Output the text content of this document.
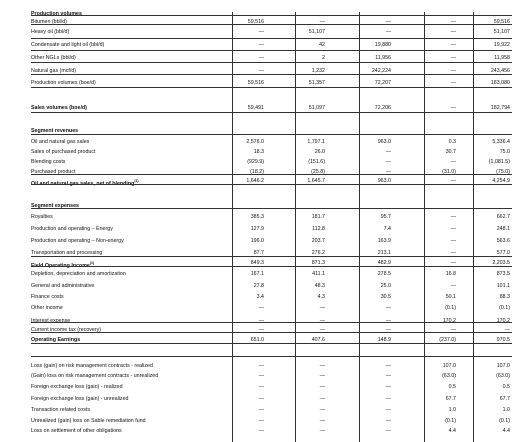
Production volumes
Bitumen (bbl/d)	59,516	—	—	—	59,516
Heavy oil (bbl/d)	—	51,107	—	—	51,107
Condensate and light oil (bbl/d)	—	42	19,880	—	19,922
Other NGLs (bbl/d)	—	2	11,956	—	11,958
Natural gas (mcf/d)	—	1,232	242,224	—	243,456
Production volumes (boe/d)	59,516	51,357	72,207	—	183,080
Sales volumes (boe/d)	59,491	51,097	72,206	—	182,794
Segment revenues
Oil and natural gas sales	2,576.0	1,797.1	963.0	0.3	5,336.4
Sales of purchased product	18.3	26.0	—	30.7	75.0
Blending costs	(929.9)	(151.6)	—	—	(1,081.5)
Purchased product	(18.2)	(25.8)	—	(31.0)	(75.0)
Oil and natural gas sales, net of blending$^{(1)}$	1,646.2	1,645.7	963.0	—	4,254.9
Segment expenses
Royalties	385.3	181.7	95.7	—	662.7
Production and operating – Energy	127.9	112.8	7.4	—	248.1
Production and operating – Non-energy	196.0	203.7	163.9	—	563.6
Transportation and processing	87.7	276.2	213.1	—	577.0
Field Operating Income$^{(1)}$	849.3	871.3	482.9	—	2,203.5
Depletion, depreciation and amortization	167.1	411.1	278.5	16.8	873.5
General and administrative	27.8	48.3	25.0	—	101.1
Finance costs	3.4	4.3	30.5	50.1	88.3
Other income	—	—	—	(0.1)	(0.1)
Interest expense	—	—	—	170.2	170.2
Current income tax (recovery)	—	—	—	—	—
Operating Earnings	651.0	407.6	148.9	(237.0)	970.5
Loss (gain) on risk management contracts - realized	—	—	—	107.0	107.0
(Gain) loss on risk management contracts - unrealized	—	—	—	(63.0)	(63.0)
Foreign exchange loss (gain) - realized	—	—	—	0.5	0.5
Foreign exchange loss (gain) - unrealized	—	—	—	67.7	67.7
Transaction related costs	—	—	—	1.0	1.0
Unrealized (gain) loss on Sable remediation fund	—	—	—	(0.1)	(0.1)
Loss on settlement of other obligations	—	—	—	4.4	4.4
